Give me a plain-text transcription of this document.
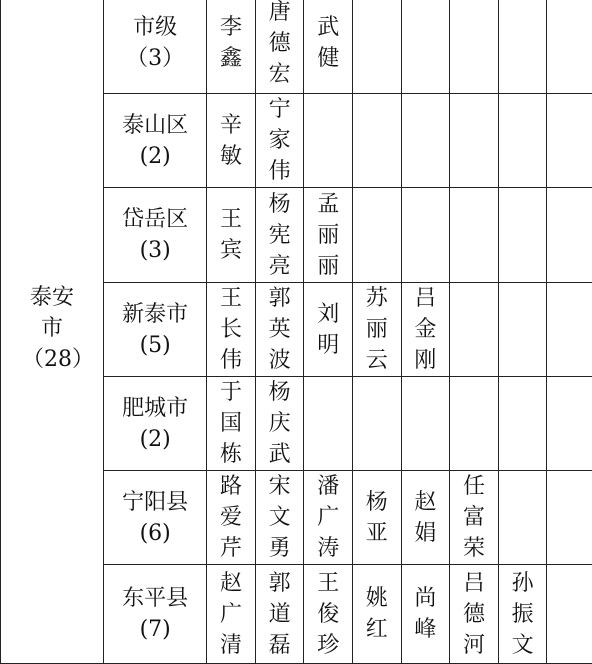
泰安市
（28）	市级（3）	李鑫	唐德宏	武健					
	泰山区(2)	辛敏	宁家伟						
	岱岳区(3)	王宾	杨宪亮	孟丽丽					
	新泰市(5)	王长伟	郭英波	刘明	苏丽云	吕金刚			
	肥城市(2)	于国栋	杨庆武						
	宁阳县(6)	路爱芹	宋文勇	潘广涛	杨亚	赵娟	任富荣		
	东平县(7)	赵广清	郭道磊	王俊珍	姚红	尚峰	吕德河	孙振文	
